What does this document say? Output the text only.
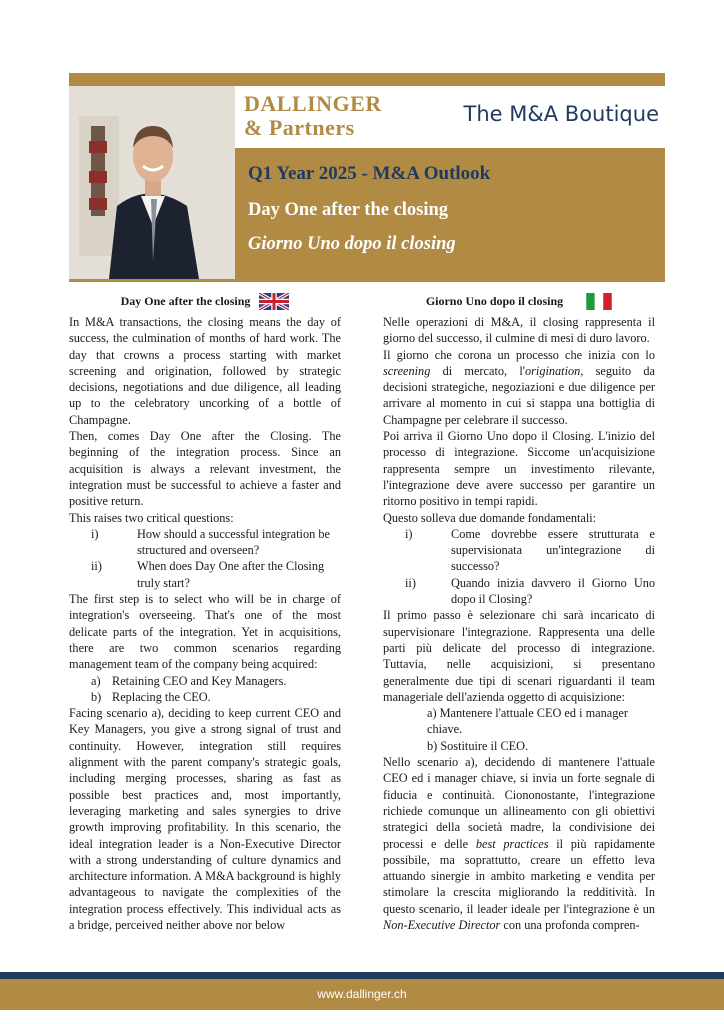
DALLINGER
& Partners
The M&A Boutique
Q1 Year 2025 - M&A Outlook
Day One after the closing
Giorno Uno dopo il closing
Day One after the closing

In M&A transactions, the closing means the day of success, the culmination of months of hard work. The day that crowns a process starting with market screening and origination, followed by strategic decisions, negotiations and due diligence, all leading up to the celebratory uncorking of a bottle of Champagne.

Then, comes Day One after the Closing. The beginning of the integration process. Since an acquisition is always a relevant investment, the integration must be successful to achieve a faster and positive return.

This raises two critical questions:

i)	How should a successful integration be structured and overseen?
ii)	When does Day One after the Closing truly start?

The first step is to select who will be in charge of integration's overseeing. That's one of the most delicate parts of the integration. Yet in acquisitions, there are two common scenarios regarding management team of the company being acquired:

a) Retaining CEO and Key Managers.
b) Replacing the CEO.

Facing scenario a), deciding to keep current CEO and Key Managers, you give a strong signal of trust and continuity. However, integration still requires alignment with the parent company's strategic goals, including merging processes, sharing as fast as possible best practices and, most importantly, leveraging marketing and sales synergies to drive growth improving profitability. In this scenario, the ideal integration leader is a Non-Executive Director with a strong understanding of culture dynamics and architecture information. A M&A background is highly advantageous to navigate the complexities of the integration process effectively. This individual acts as a bridge, perceived neither above nor below

Giorno Uno dopo il closing

Nelle operazioni di M&A, il closing rappresenta il giorno del successo, il culmine di mesi di duro lavoro.

Il giorno che corona un processo che inizia con lo screening di mercato, l'origination, seguito da decisioni strategiche, negoziazioni e due diligence per arrivare al momento in cui si stappa una bottiglia di Champagne per celebrare il successo.

Poi arriva il Giorno Uno dopo il Closing. L'inizio del processo di integrazione. Siccome un'acquisizione rappresenta sempre un investimento rilevante, l'integrazione deve avere successo per garantire un ritorno positivo in tempi rapidi.

Questo solleva due domande fondamentali:

i)	Come dovrebbe essere strutturata e supervisionata un'integrazione di successo?
ii)	Quando inizia davvero il Giorno Uno dopo il Closing?

Il primo passo è selezionare chi sarà incaricato di supervisionare l'integrazione. Rappresenta una delle parti più delicate del processo di integrazione. Tuttavia, nelle acquisizioni, si presentano generalmente due tipi di scenari riguardanti il team manageriale dell'azienda oggetto di acquisizione:

a) Mantenere l'attuale CEO ed i manager chiave.
b) Sostituire il CEO.

Nello scenario a), decidendo di mantenere l'attuale CEO ed i manager chiave, si invia un forte segnale di fiducia e continuità. Ciononostante, l'integrazione richiede comunque un allineamento con gli obiettivi strategici della società madre, la condivisione dei processi e delle best practices il più rapidamente possibile, ma soprattutto, creare un effetto leva attuando sinergie in ambito marketing e vendita per stimolare la crescita migliorando la redditività. In questo scenario, il leader ideale per l'integrazione è un Non-Executive Director con una profonda compren-

www.dallinger.ch
